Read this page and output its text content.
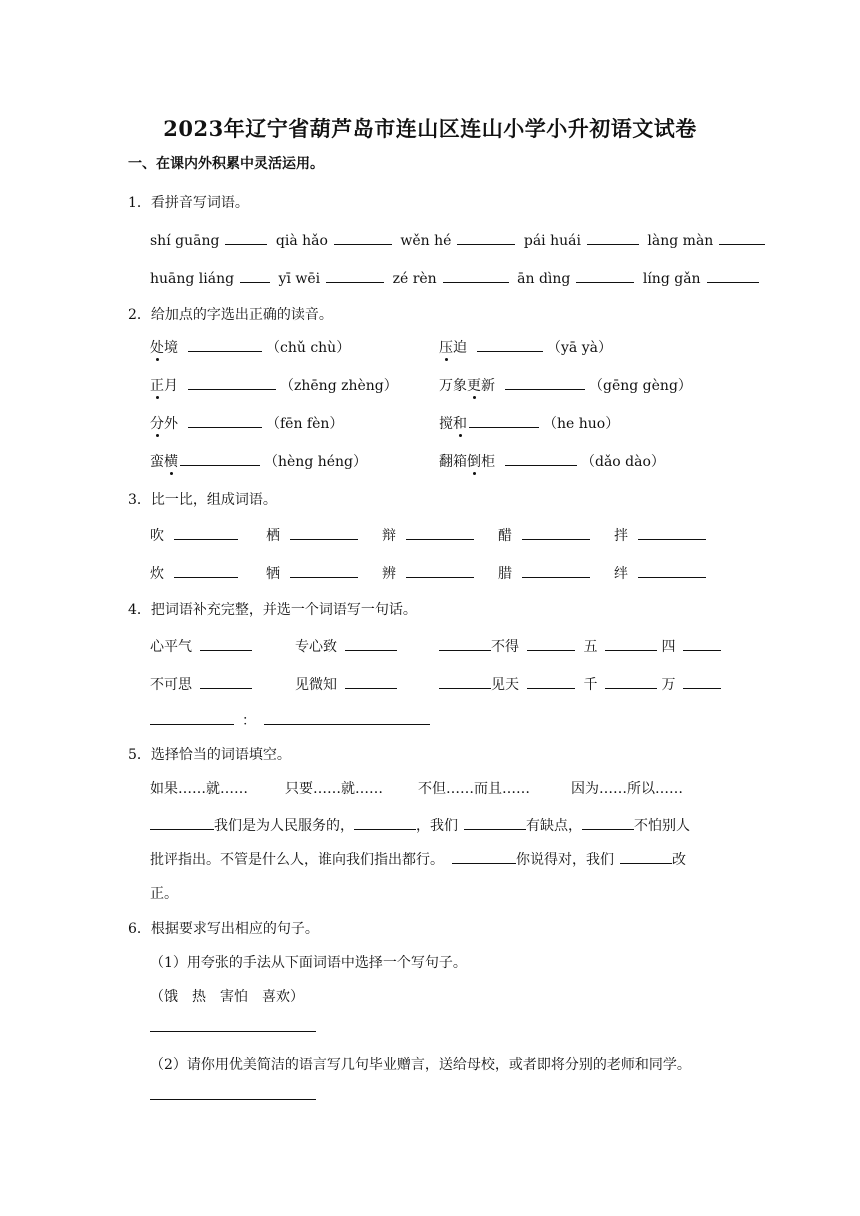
2023年辽宁省葫芦岛市连山区连山小学小升初语文试卷
一、在课内外积累中灵活运用。
1．看拼音写词语。
shí guāng	qià hǎo	wěn hé	pái huái	làng màn
huāng liáng	yī wēi	zé rèn	ān dìng	líng gǎn
2．给加点的字选出正确的读音。
处境	（chǔ chù）	压迫	（yā yà）
正月	（zhēng zhèng）	万象更新	（gēng gèng）
分外	（fēn fèn）	搅和	（he huo）
蛮横	（hèng héng）	翻箱倒柜	（dǎo dào）
3．比一比，组成词语。
吹	栖	辩	醋	拌
炊	牺	辨	腊	绊
4．把词语补充完整，并选一个词语写一句话。
心平气	专心致	不得	五	四
不可思	见微知	见天	千	万
：
5．选择恰当的词语填空。
如果……就……	只要……就……	不但……而且……	因为……所以……
我们是为人民服务的，	，我们	有缺点，	不怕别人
批评指出。不管是什么人，谁向我们指出都行。	你说得对，我们	改
正。
6．根据要求写出相应的句子。
（1）用夸张的手法从下面词语中选择一个写句子。
（饿　热　害怕　喜欢）
（2）请你用优美简洁的语言写几句毕业赠言，送给母校，或者即将分别的老师和同学。
